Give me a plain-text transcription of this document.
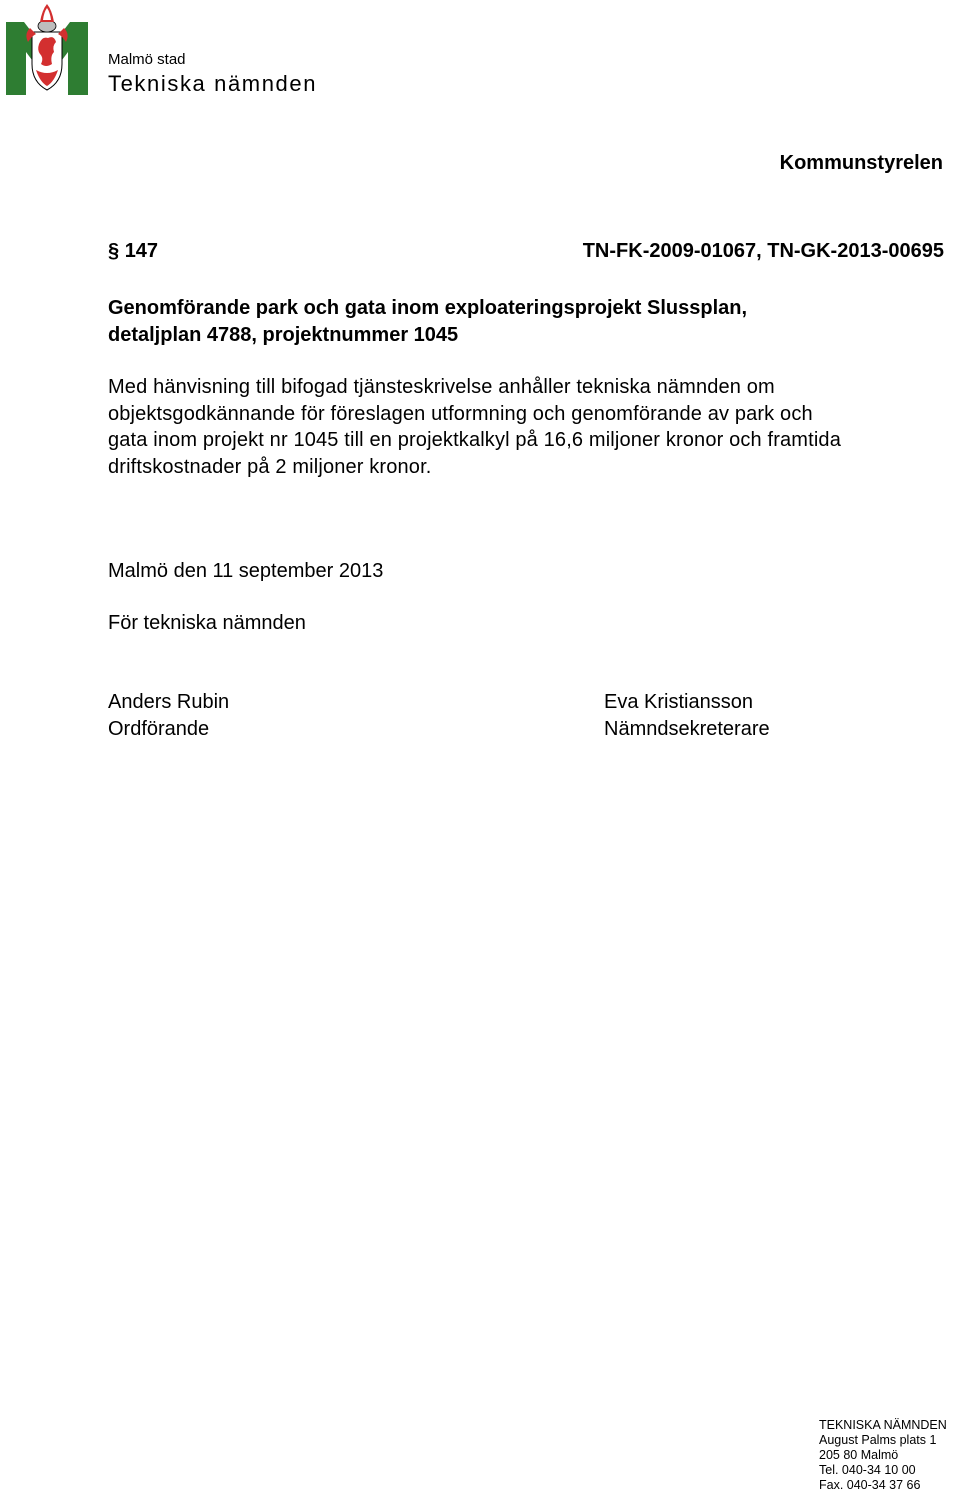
Malmö stad
Tekniska nämnden
Kommunstyrelen
§ 147	TN-FK-2009-01067, TN-GK-2013-00695
Genomförande park och gata inom exploateringsprojekt Slussplan,
detaljplan 4788, projektnummer 1045
Med hänvisning till bifogad tjänsteskrivelse anhåller tekniska nämnden om
objektsgodkännande för föreslagen utformning och genomförande av park och
gata inom projekt nr 1045 till en projektkalkyl på 16,6 miljoner kronor och framtida
driftskostnader på 2 miljoner kronor.
Malmö den 11 september 2013
För tekniska nämnden
Anders Rubin
Ordförande
Eva Kristiansson
Nämndsekreterare
TEKNISKA NÄMNDEN
August Palms plats 1
205 80 Malmö
Tel. 040-34 10 00
Fax. 040-34 37 66
